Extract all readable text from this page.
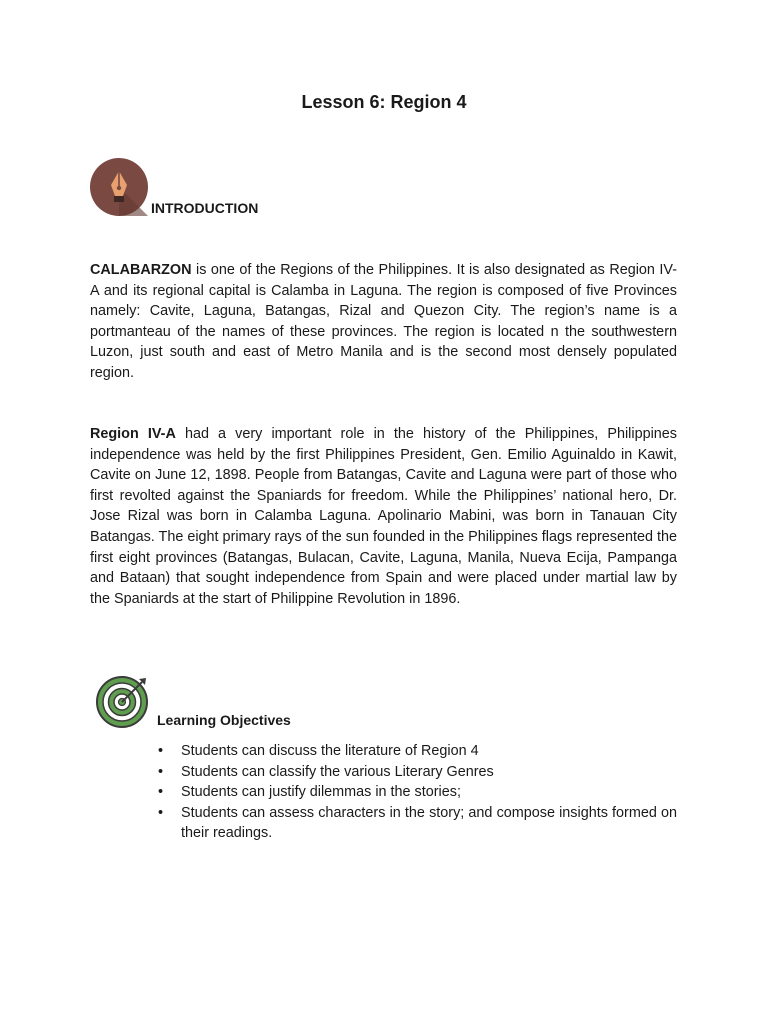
Lesson 6: Region 4
INTRODUCTION

CALABARZON is one of the Regions of the Philippines. It is also designated as Region IV-A and its regional capital is Calamba in Laguna. The region is composed of five Provinces namely: Cavite, Laguna, Batangas, Rizal and Quezon City. The region’s name is a portmanteau of the names of these provinces. The region is located n the southwestern Luzon, just south and east of Metro Manila and is the second most densely populated region.

Region IV-A had a very important role in the history of the Philippines, Philippines independence was held by the first Philippines President, Gen. Emilio Aguinaldo in Kawit, Cavite on June 12, 1898. People from Batangas, Cavite and Laguna were part of those who first revolted against the Spaniards for freedom. While the Philippines’ national hero, Dr. Jose Rizal was born in Calamba Laguna. Apolinario Mabini, was born in Tanauan City Batangas. The eight primary rays of the sun founded in the Philippines flags represented the first eight provinces (Batangas, Bulacan, Cavite, Laguna, Manila, Nueva Ecija, Pampanga and Bataan) that sought independence from Spain and were placed under martial law by the Spaniards at the start of Philippine Revolution in 1896.

Learning Objectives
• Students can discuss the literature of Region 4
• Students can classify the various Literary Genres
• Students can justify dilemmas in the stories;
• Students can assess characters in the story; and compose insights formed on their readings.
